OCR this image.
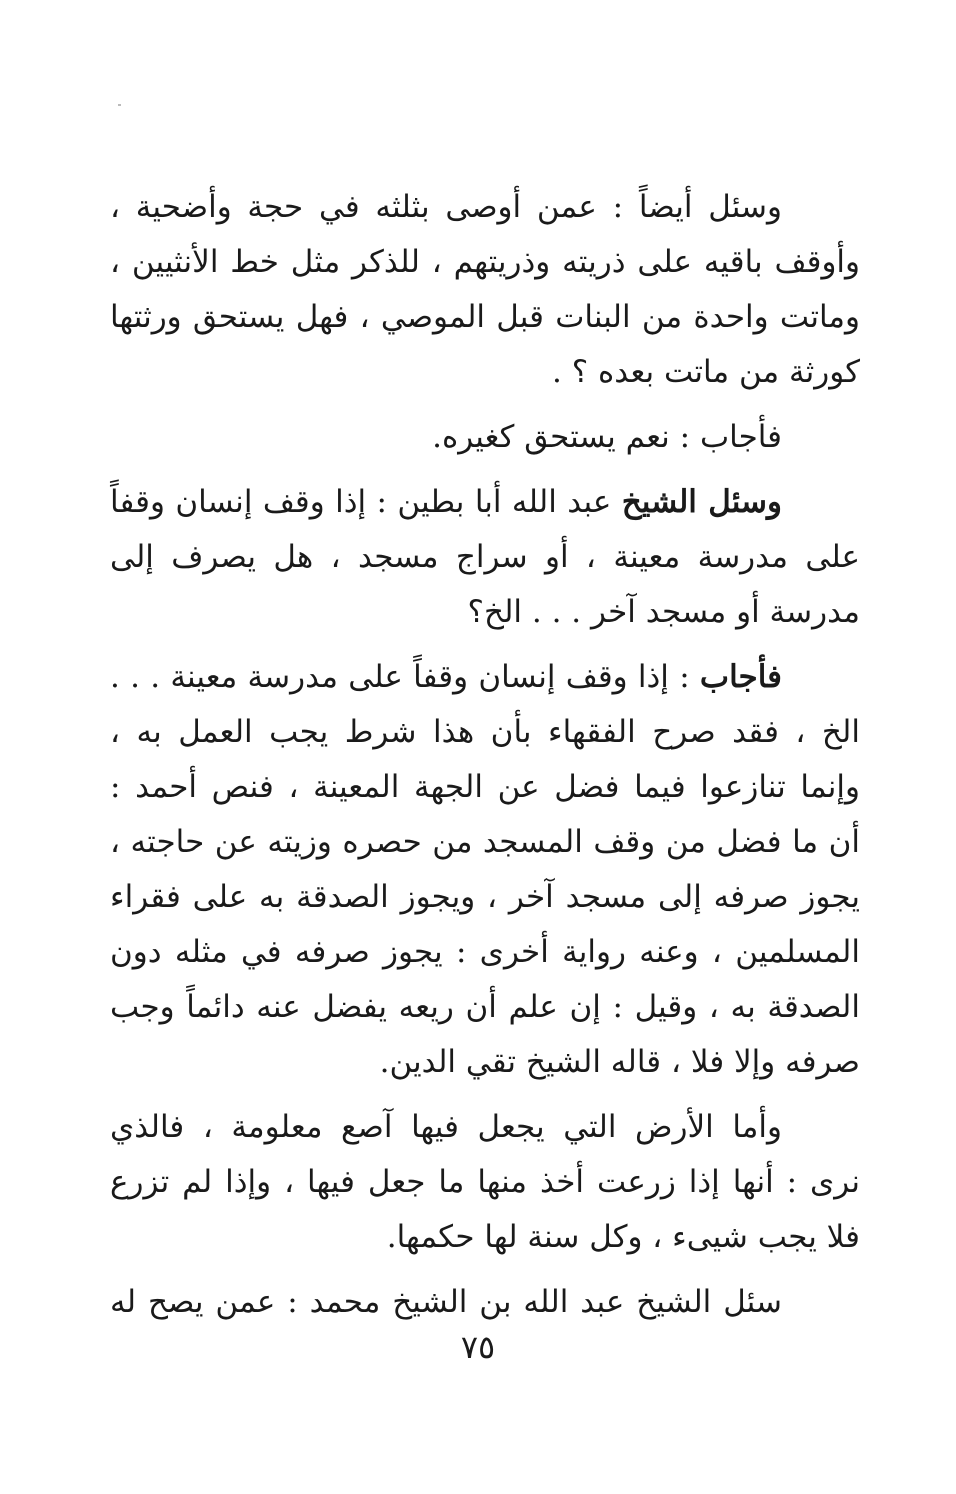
وسئل أيضاً : عمن أوصى بثلثه في حجة وأضحية ،
وأوقف باقيه على ذريته وذريتهم ، للذكر مثل خط الأنثيين ،
وماتت واحدة من البنات قبل الموصي ، فهل يستحق ورثتها
كورثة من ماتت بعده ؟ .
فأجاب : نعم يستحق كغيره.
وسئل الشيخ عبد الله أبا بطين : إذا وقف إنسان وقفاً
على مدرسة معينة ، أو سراج مسجد ، هل يصرف إلى
مدرسة أو مسجد آخر . . . الخ؟
فأجاب : إذا وقف إنسان وقفاً على مدرسة معينة . . .
الخ ، فقد صرح الفقهاء بأن هذا شرط يجب العمل به ،
وإنما تنازعوا فيما فضل عن الجهة المعينة ، فنص أحمد :
أن ما فضل من وقف المسجد من حصره وزيته عن حاجته ،
يجوز صرفه إلى مسجد آخر ، ويجوز الصدقة به على فقراء
المسلمين ، وعنه رواية أخرى : يجوز صرفه في مثله دون
الصدقة به ، وقيل : إن علم أن ريعه يفضل عنه دائماً وجب
صرفه وإلا فلا ، قاله الشيخ تقي الدين.
وأما الأرض التي يجعل فيها آصع معلومة ، فالذي
نرى : أنها إذا زرعت أخذ منها ما جعل فيها ، وإذا لم تزرع
فلا يجب شيىء ، وكل سنة لها حكمها.
سئل الشيخ عبد الله بن الشيخ محمد : عمن يصح له
٧٥
